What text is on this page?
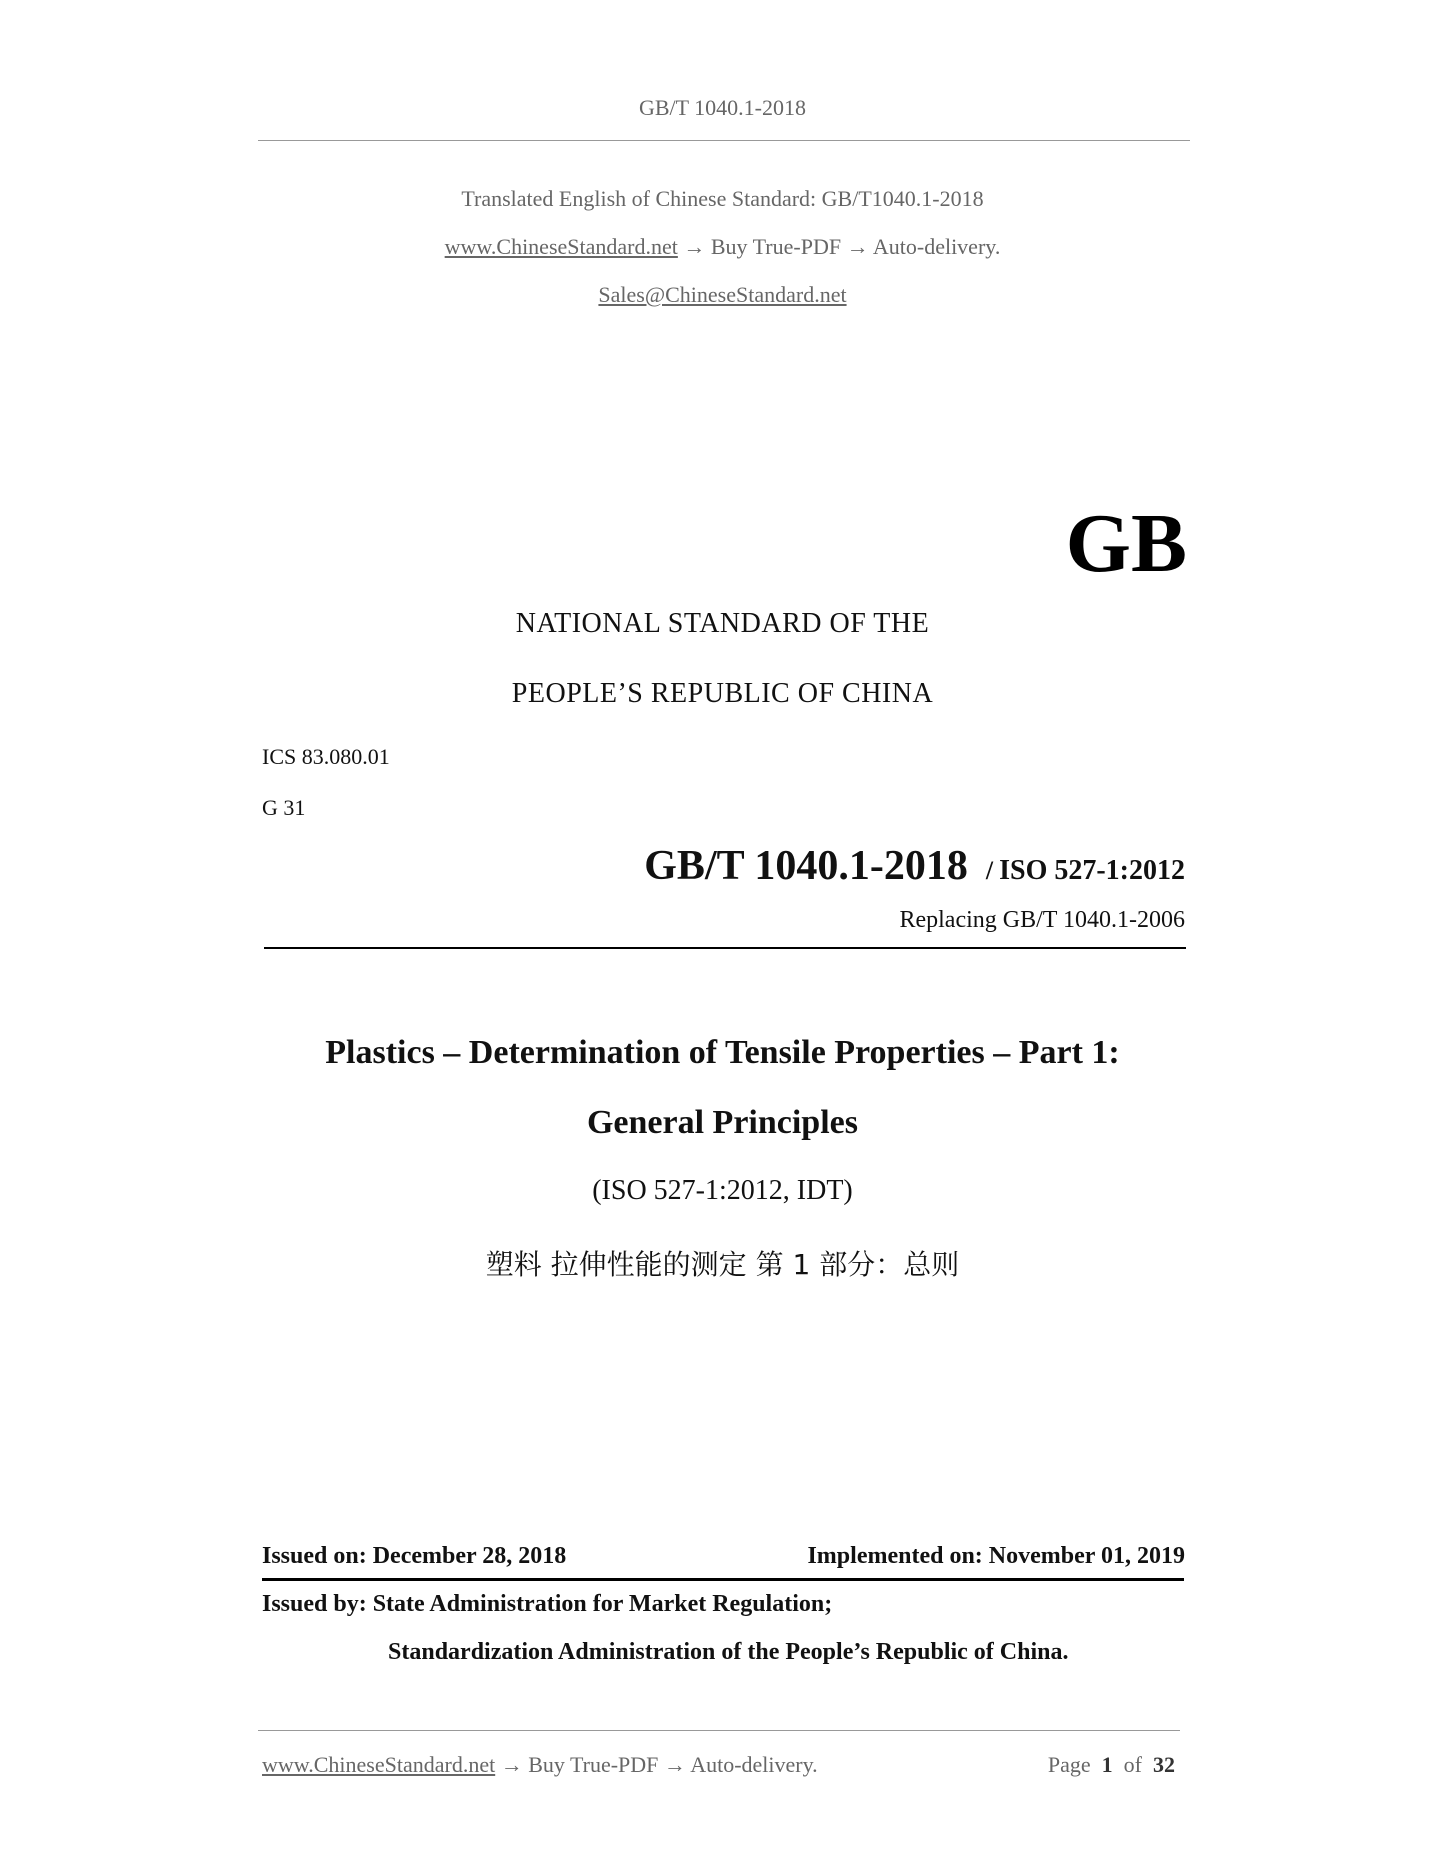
GB/T 1040.1-2018
Translated English of Chinese Standard: GB/T1040.1-2018
www.ChineseStandard.net → Buy True-PDF → Auto-delivery.
Sales@ChineseStandard.net
GB
NATIONAL STANDARD OF THE
PEOPLE’S REPUBLIC OF CHINA
ICS 83.080.01
G 31
GB/T 1040.1-2018 / ISO 527-1:2012
Replacing GB/T 1040.1-2006
Plastics – Determination of Tensile Properties – Part 1:
General Principles
(ISO 527-1:2012, IDT)
塑料 拉伸性能的测定 第 1 部分：总则
Issued on: December 28, 2018	Implemented on: November 01, 2019
Issued by: State Administration for Market Regulation;
Standardization Administration of the People’s Republic of China.
www.ChineseStandard.net → Buy True-PDF → Auto-delivery.	Page 1 of 32
